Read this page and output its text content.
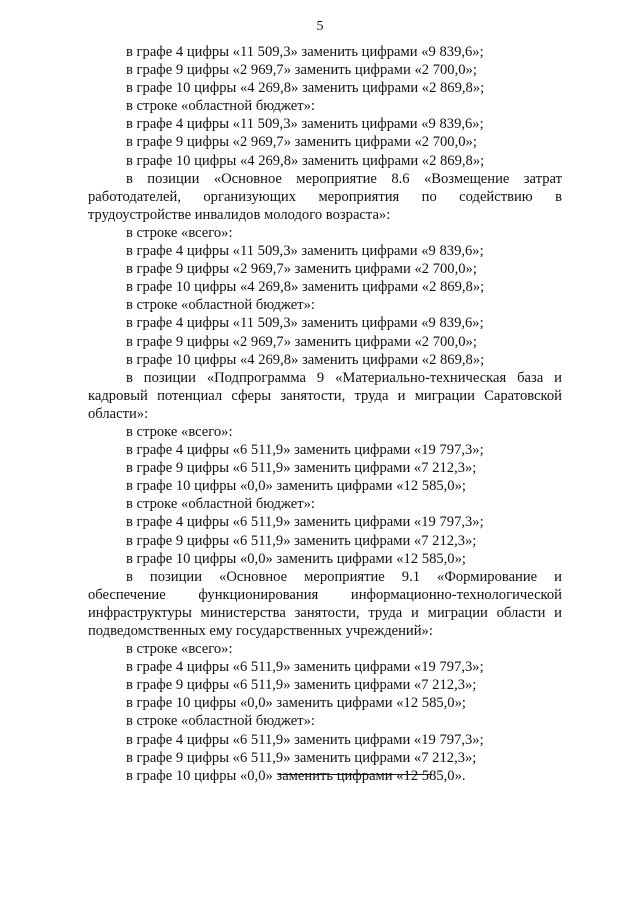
5
в графе 4 цифры «11 509,3» заменить цифрами «9 839,6»;
в графе 9 цифры «2 969,7» заменить цифрами «2 700,0»;
в графе 10 цифры «4 269,8» заменить цифрами «2 869,8»;
в строке «областной бюджет»:
в графе 4 цифры «11 509,3» заменить цифрами «9 839,6»;
в графе 9 цифры «2 969,7» заменить цифрами «2 700,0»;
в графе 10 цифры «4 269,8» заменить цифрами «2 869,8»;

в позиции «Основное мероприятие 8.6 «Возмещение затрат работодателей, организующих мероприятия по содействию в трудоустройстве инвалидов молодого возраста»:

в строке «всего»:
в графе 4 цифры «11 509,3» заменить цифрами «9 839,6»;
в графе 9 цифры «2 969,7» заменить цифрами «2 700,0»;
в графе 10 цифры «4 269,8» заменить цифрами «2 869,8»;
в строке «областной бюджет»:
в графе 4 цифры «11 509,3» заменить цифрами «9 839,6»;
в графе 9 цифры «2 969,7» заменить цифрами «2 700,0»;
в графе 10 цифры «4 269,8» заменить цифрами «2 869,8»;

в позиции «Подпрограмма 9 «Материально-техническая база и кадровый потенциал сферы занятости, труда и миграции Саратовской области»:

в строке «всего»:
в графе 4 цифры «6 511,9» заменить цифрами «19 797,3»;
в графе 9 цифры «6 511,9» заменить цифрами «7 212,3»;
в графе 10 цифры «0,0» заменить цифрами «12 585,0»;
в строке «областной бюджет»:
в графе 4 цифры «6 511,9» заменить цифрами «19 797,3»;
в графе 9 цифры «6 511,9» заменить цифрами «7 212,3»;
в графе 10 цифры «0,0» заменить цифрами «12 585,0»;

в позиции «Основное мероприятие 9.1 «Формирование и обеспечение функционирования информационно-технологической инфраструктуры министерства занятости, труда и миграции области и подведомственных ему государственных учреждений»:

в строке «всего»:
в графе 4 цифры «6 511,9» заменить цифрами «19 797,3»;
в графе 9 цифры «6 511,9» заменить цифрами «7 212,3»;
в графе 10 цифры «0,0» заменить цифрами «12 585,0»;
в строке «областной бюджет»:
в графе 4 цифры «6 511,9» заменить цифрами «19 797,3»;
в графе 9 цифры «6 511,9» заменить цифрами «7 212,3»;
в графе 10 цифры «0,0» заменить цифрами «12 585,0».
